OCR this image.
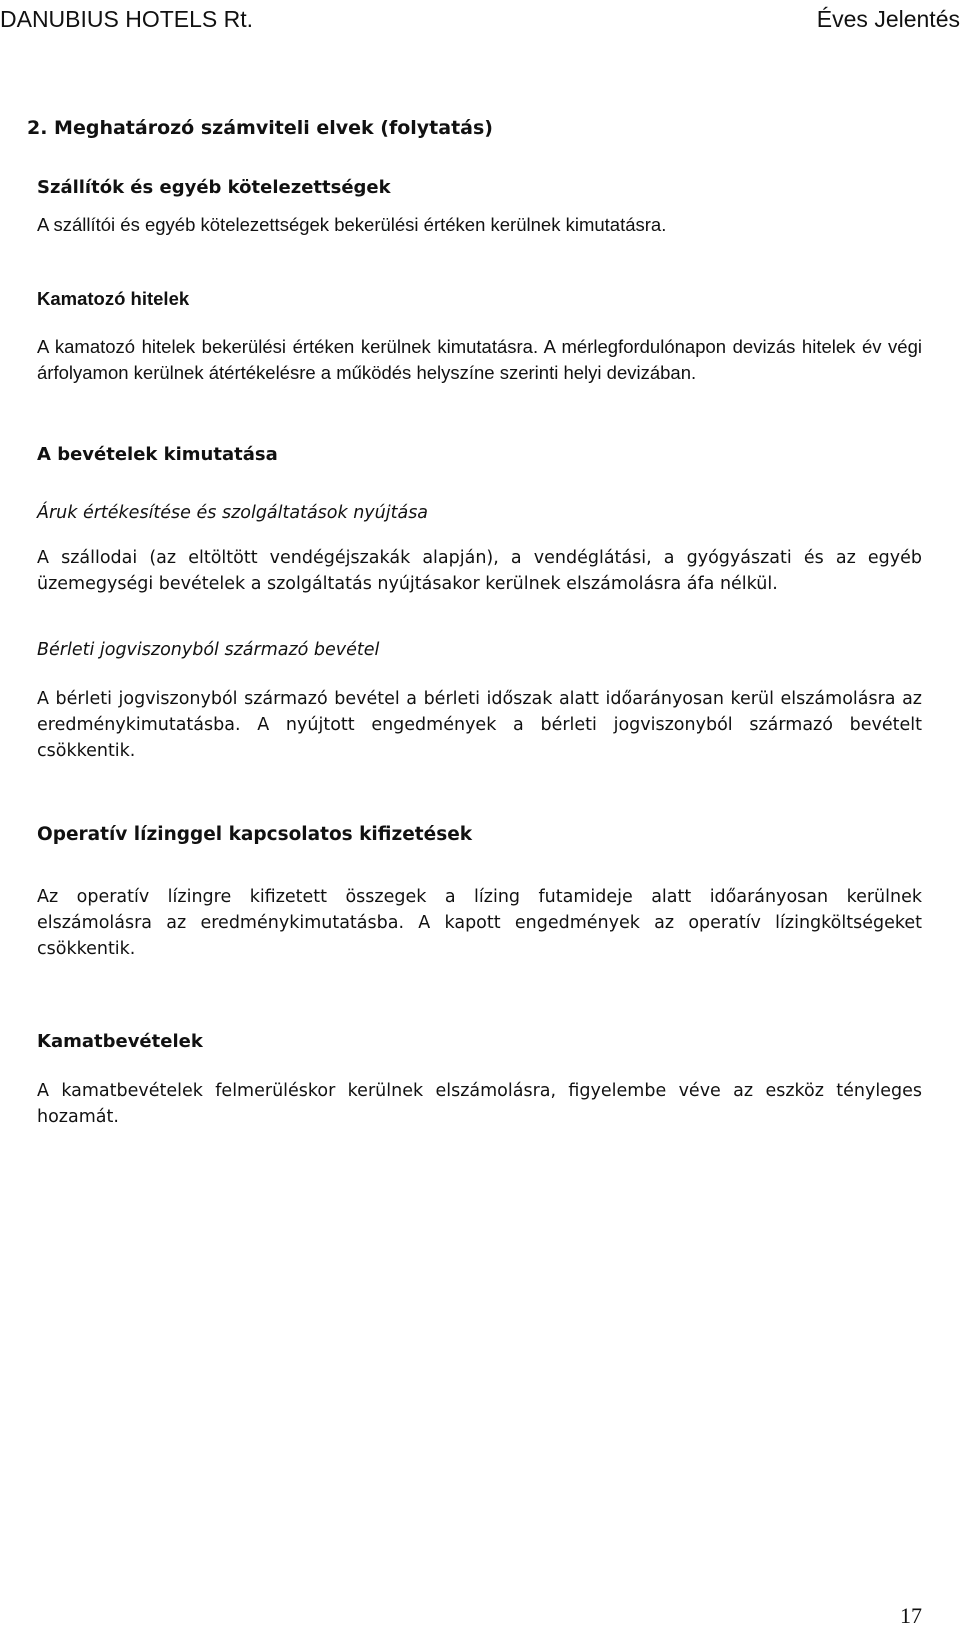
DANUBIUS HOTELS Rt.	Éves Jelentés
2. Meghatározó számviteli elvek (folytatás)
Szállítók és egyéb kötelezettségek
A szállítói és egyéb kötelezettségek bekerülési értéken kerülnek kimutatásra.
Kamatozó hitelek
A kamatozó hitelek bekerülési értéken kerülnek kimutatásra. A mérlegfordulónapon devizás hitelek év végi árfolyamon kerülnek átértékelésre a működés helyszíne szerinti helyi devizában.
A bevételek kimutatása
Áruk értékesítése és szolgáltatások nyújtása
A szállodai (az eltöltött vendégéjszakák alapján), a vendéglátási, a gyógyászati és az egyéb üzemegységi bevételek a szolgáltatás nyújtásakor kerülnek elszámolásra áfa nélkül.
Bérleti jogviszonyból származó bevétel
A bérleti jogviszonyból származó bevétel a bérleti időszak alatt időarányosan kerül elszámolásra az eredménykimutatásba. A nyújtott engedmények a bérleti jogviszonyból származó bevételt csökkentik.
Operatív lízinggel kapcsolatos kifizetések
Az operatív lízingre kifizetett összegek a lízing futamideje alatt időarányosan kerülnek elszámolásra az eredménykimutatásba. A kapott engedmények az operatív lízingköltségeket csökkentik.
Kamatbevételek
A kamatbevételek felmerüléskor kerülnek elszámolásra, figyelembe véve az eszköz tényleges hozamát.
17
